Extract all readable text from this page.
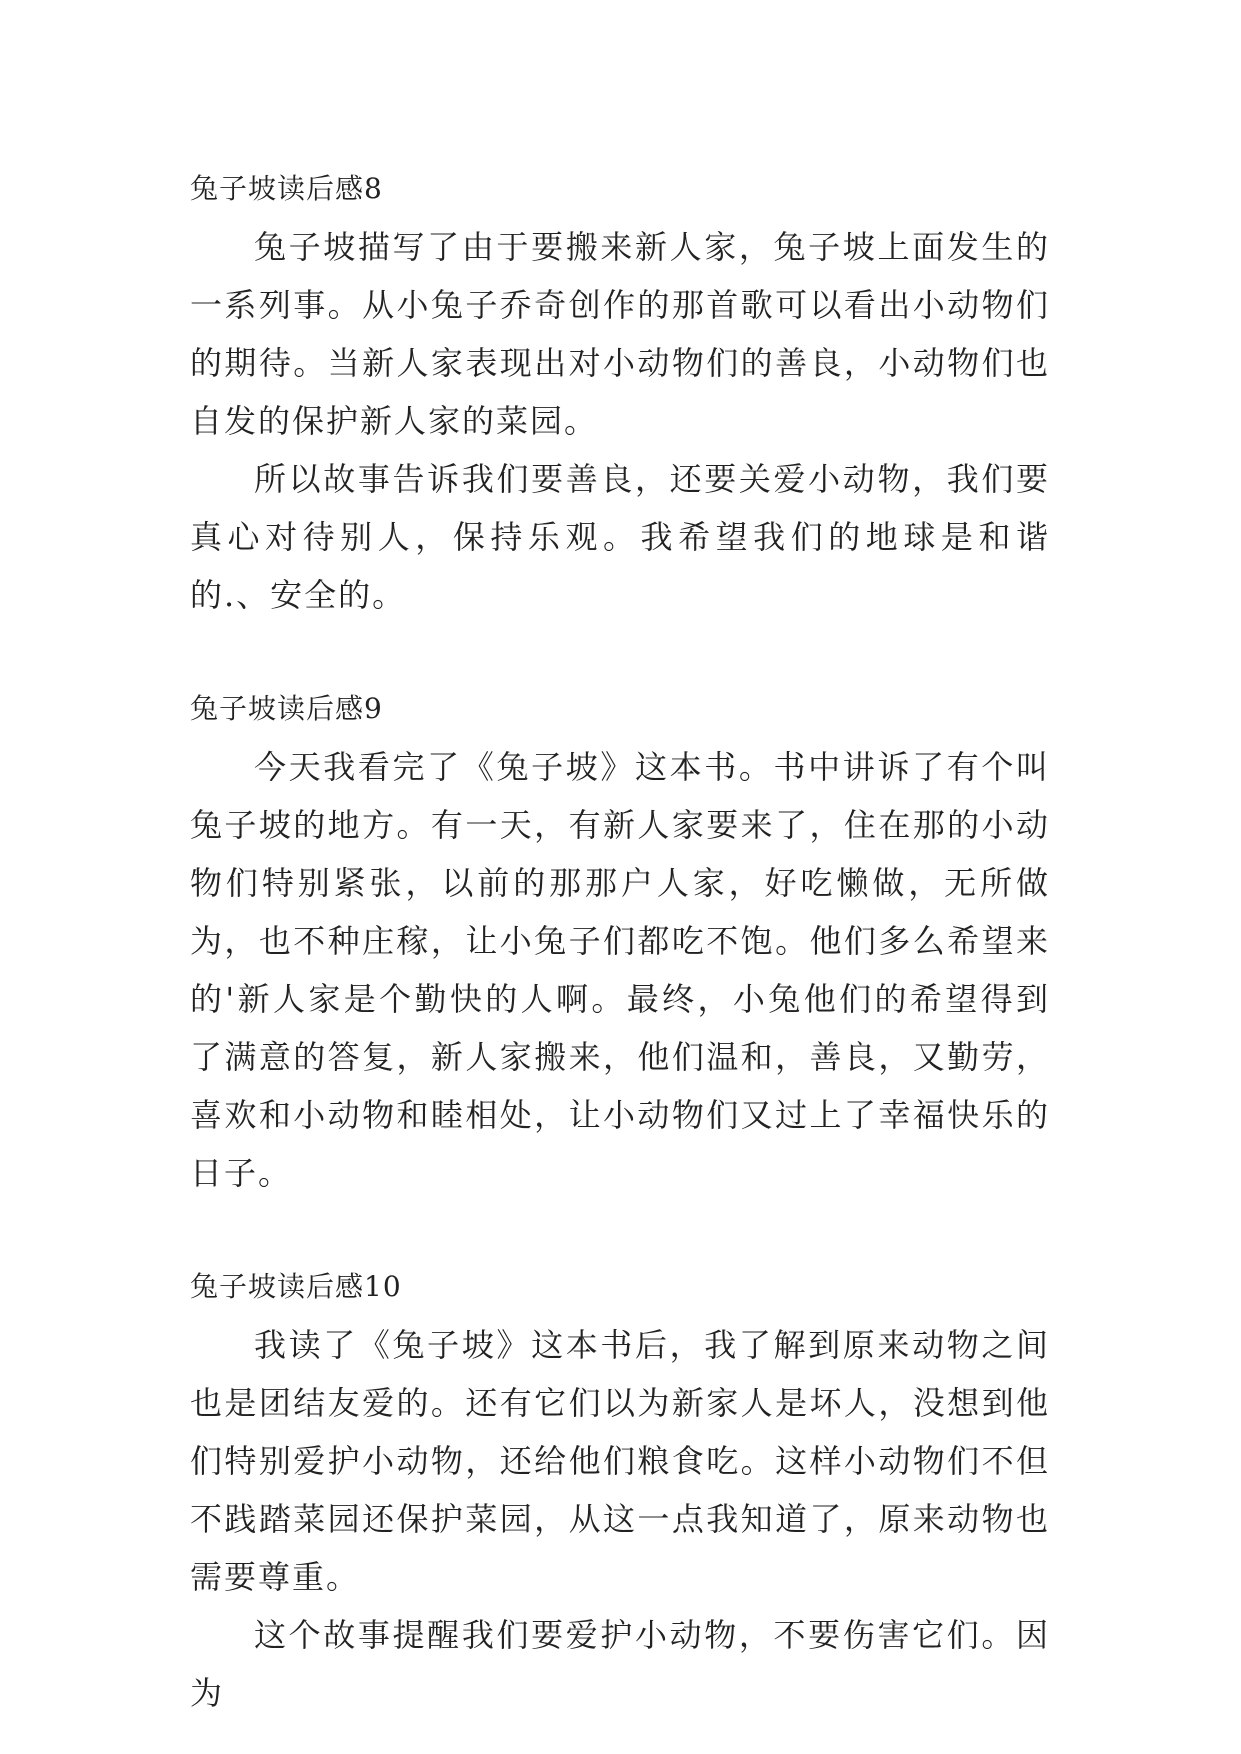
兔子坡读后感8

兔子坡描写了由于要搬来新人家，兔子坡上面发生的一系列事。从小兔子乔奇创作的那首歌可以看出小动物们的期待。当新人家表现出对小动物们的善良，小动物们也自发的保护新人家的菜园。

所以故事告诉我们要善良，还要关爱小动物，我们要真心对待别人，保持乐观。我希望我们的地球是和谐的.、安全的。

兔子坡读后感9

今天我看完了《兔子坡》这本书。书中讲诉了有个叫兔子坡的地方。有一天，有新人家要来了，住在那的小动物们特别紧张，以前的那那户人家，好吃懒做，无所做为，也不种庄稼，让小兔子们都吃不饱。他们多么希望来的'新人家是个勤快的人啊。最终，小兔他们的希望得到了满意的答复，新人家搬来，他们温和，善良，又勤劳，喜欢和小动物和睦相处，让小动物们又过上了幸福快乐的日子。

兔子坡读后感10

我读了《兔子坡》这本书后，我了解到原来动物之间也是团结友爱的。还有它们以为新家人是坏人，没想到他们特别爱护小动物，还给他们粮食吃。这样小动物们不但不践踏菜园还保护菜园，从这一点我知道了，原来动物也需要尊重。

这个故事提醒我们要爱护小动物，不要伤害它们。因为
